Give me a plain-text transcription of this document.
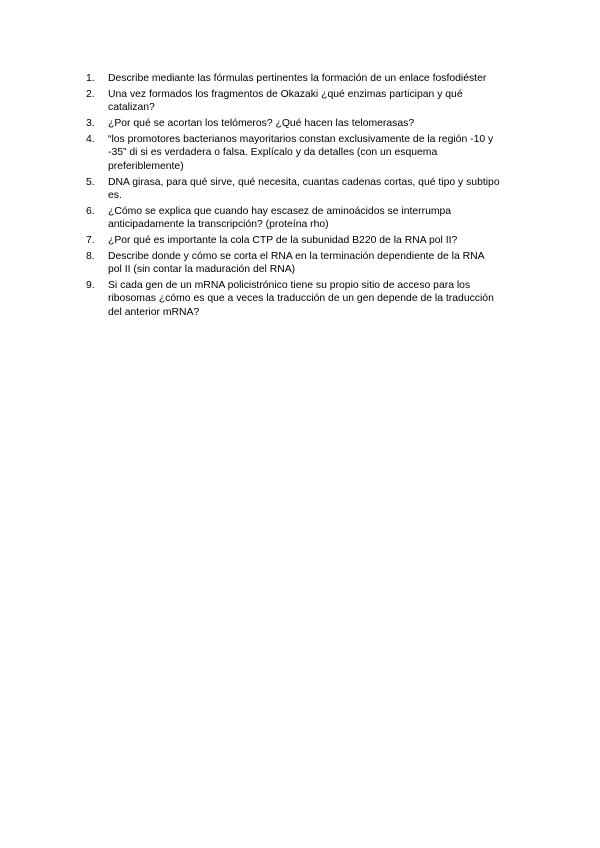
1.	Describe mediante las fórmulas pertinentes la formación de un enlace fosfodiéster
2.	Una vez formados los fragmentos de Okazaki ¿qué enzimas participan y qué
catalizan?
3.	¿Por qué se acortan los telómeros? ¿Qué hacen las telomerasas?
4.	“los promotores bacterianos mayoritarios constan exclusivamente de la región -10 y
-35” di si es verdadera o falsa. Explícalo y da detalles (con un esquema
preferiblemente)
5.	DNA girasa, para qué sirve, qué necesita, cuantas cadenas cortas, qué tipo y subtipo
es.
6.	¿Cómo se explica que cuando hay escasez de aminoácidos se interrumpa
anticipadamente la transcripción? (proteína rho)
7.	¿Por qué es importante la cola CTP de la subunidad B220 de la RNA pol II?
8.	Describe donde y cómo se corta el RNA en la terminación dependiente de la RNA
pol II (sin contar la maduración del RNA)
9.	Si cada gen de un mRNA policistrónico tiene su propio sitio de acceso para los
ribosomas ¿cómo es que a veces la traducción de un gen depende de la traducción
del anterior mRNA?
